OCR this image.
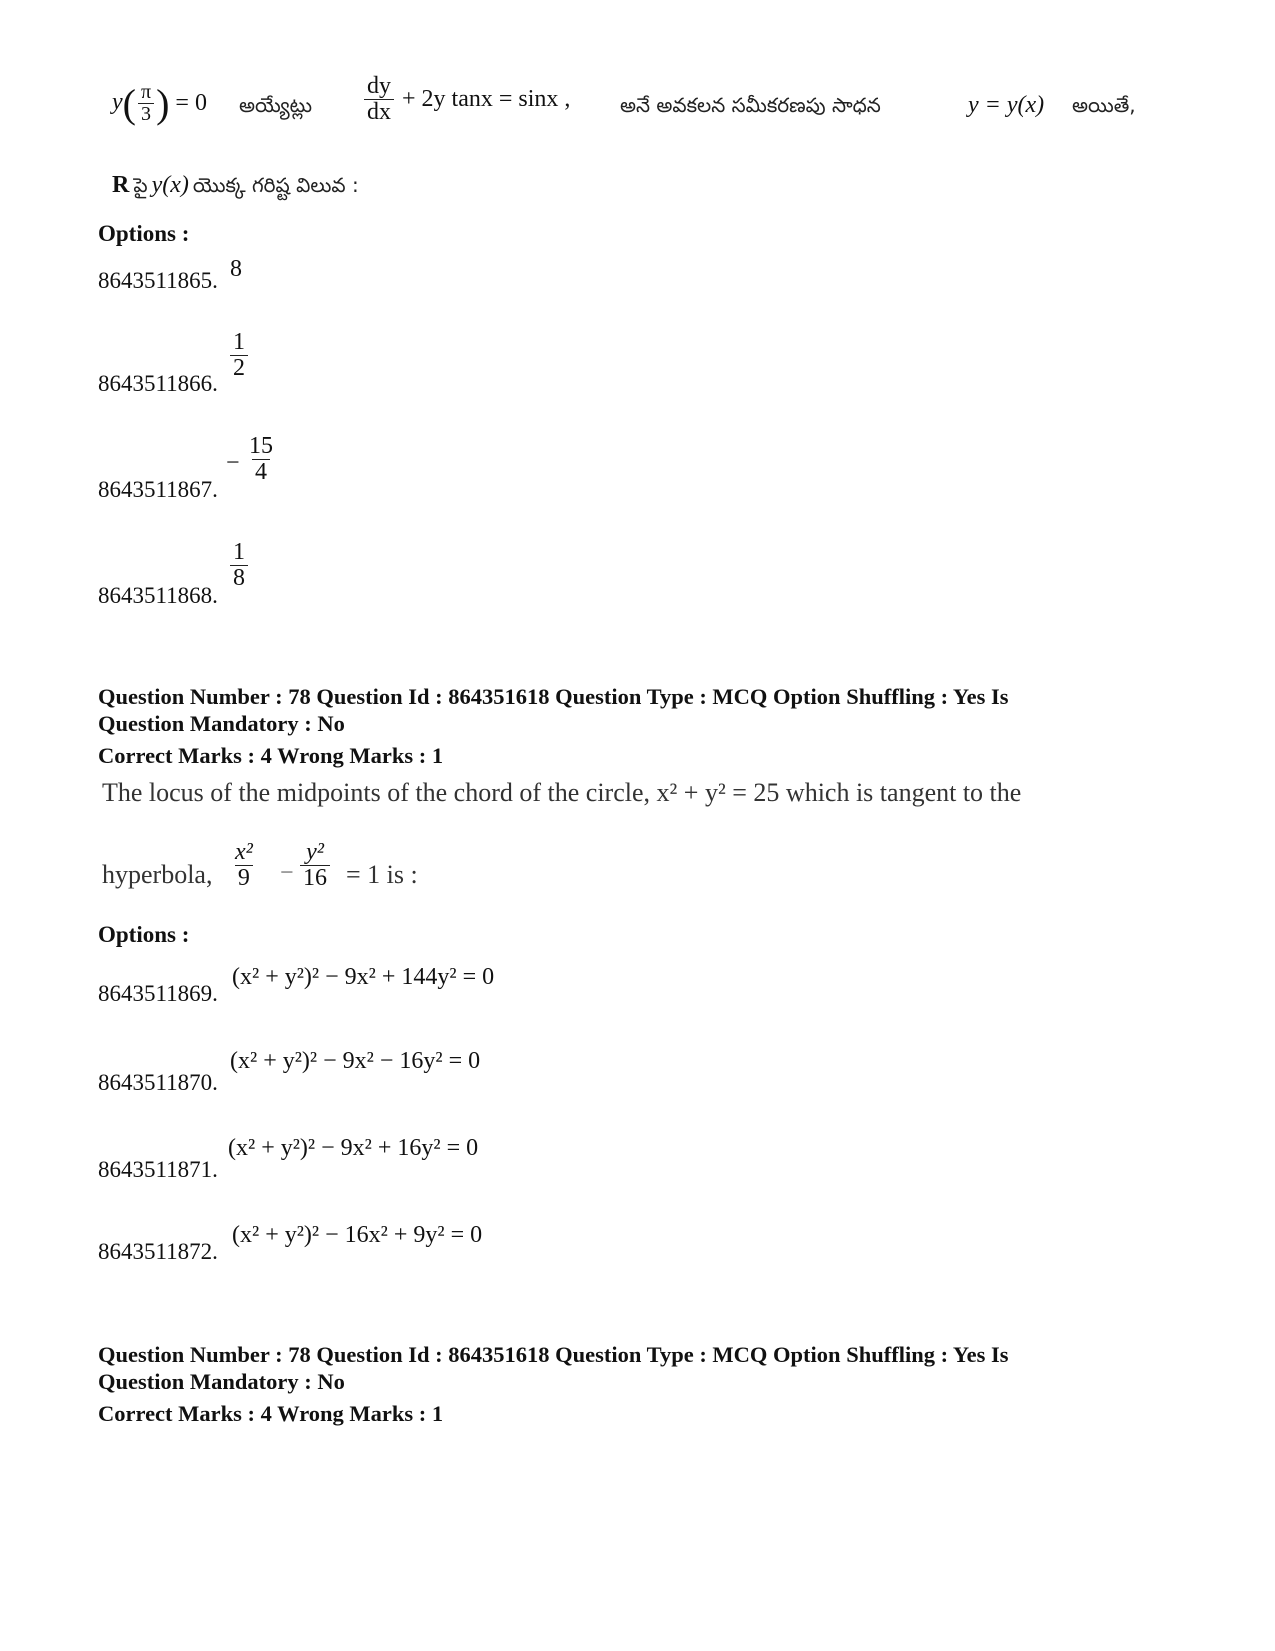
$y( \frac{\pi}{3}$ ) = 0 అయ్యేట్లు $\frac{dy}{dx} + 2y$ tanx = sinx , అనే అవకలన సమీకరణపు సాధన	y = y(x) అయితే,
R పై y(x) యొక్క గరిష్ట విలువ :
Options :
8643511865. 8
8643511866.
$\frac{1}{2}$
8643511867.
− $\frac{15}{4}$
8643511868.
$\frac{1}{8}$
Question Number : 78 Question Id : 864351618 Question Type : MCQ Option Shuffling : Yes Is
Question Mandatory : No
Correct Marks : 4 Wrong Marks : 1
The locus of the midpoints of the chord of the circle, x² + y² = 25 which is tangent to the
hyperbola, $\frac{\text{x²}}{9} - \frac{\text{y²}}{16} = 1$ is :
Options :
8643511869.
(x² + y²)² − 9x² + 144y² = 0
8643511870.
(x² + y²)² − 9x² − 16y² = 0
8643511871.
(x² + y²)² − 9x² + 16y² = 0
8643511872.
(x² + y²)² − 16x² + 9y² = 0
Question Number : 78 Question Id : 864351618 Question Type : MCQ Option Shuffling : Yes Is
Question Mandatory : No
Correct Marks : 4 Wrong Marks : 1
